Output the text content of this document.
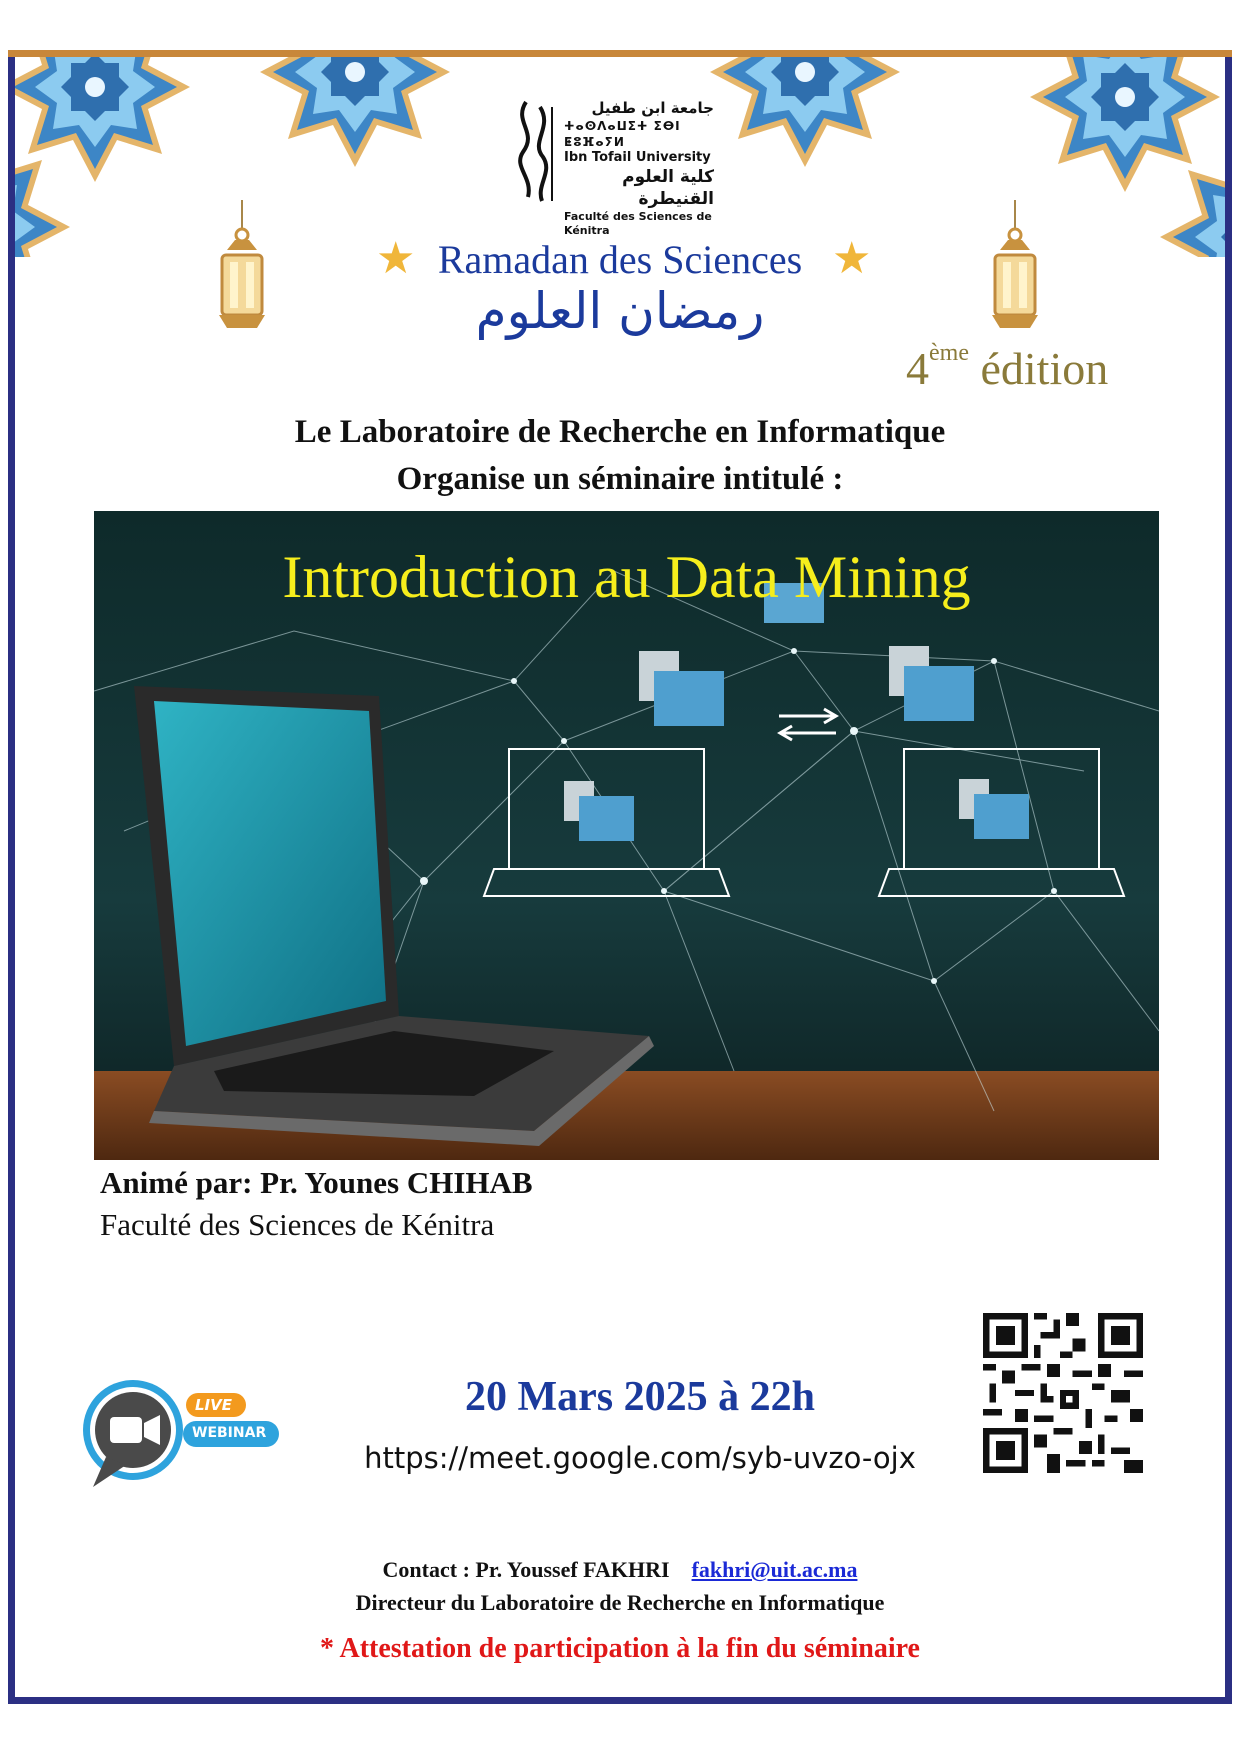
جامعة ابن طفيل
ⵜⴰⵙⴷⴰⵡⵉⵜ ⵉⴱⵏ ⵟⵓⴼⴰⵢⵍ
Ibn Tofail University
كلية العلوم القنيطرة
Faculté des Sciences de Kénitra
★	★
Ramadan des Sciences
رمضان العلوم
4ème édition
Le Laboratoire de Recherche en Informatique
Organise un séminaire intitulé :
Introduction au Data Mining
Animé par: Pr. Younes CHIHAB
Faculté des Sciences de Kénitra
LIVE
WEBINAR
20 Mars 2025 à 22h
https://meet.google.com/syb-uvzo-ojx
Contact : Pr. Youssef FAKHRI fakhri@uit.ac.ma
Directeur du Laboratoire de Recherche en Informatique
* Attestation de participation à la fin du séminaire
